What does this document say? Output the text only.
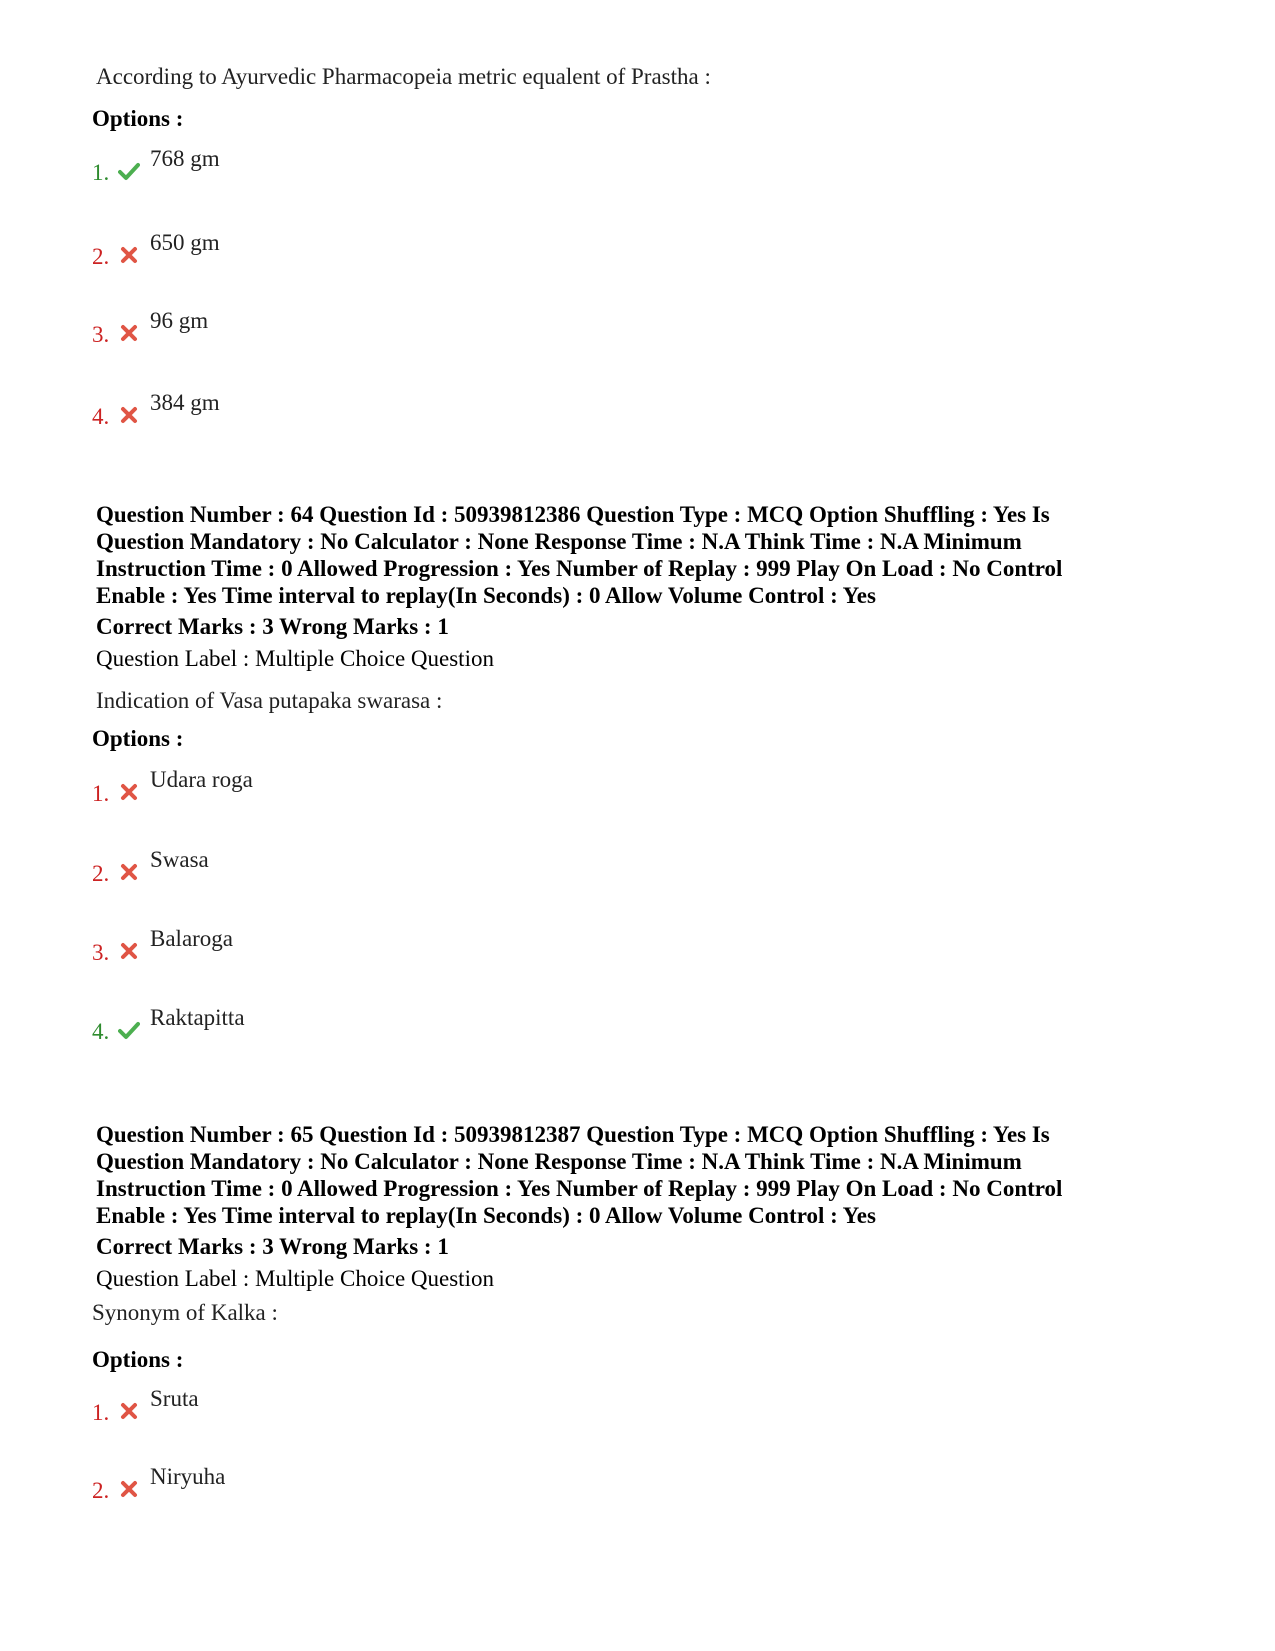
According to Ayurvedic Pharmacopeia metric equalent of Prastha :
Options :
1.
768 gm
2.
650 gm
3.
96 gm
4.
384 gm
Question Number : 64 Question Id : 50939812386 Question Type : MCQ Option Shuffling : Yes Is
Question Mandatory : No Calculator : None Response Time : N.A Think Time : N.A Minimum
Instruction Time : 0 Allowed Progression : Yes Number of Replay : 999 Play On Load : No Control
Enable : Yes Time interval to replay(In Seconds) : 0 Allow Volume Control : Yes
Correct Marks : 3 Wrong Marks : 1
Question Label : Multiple Choice Question
Indication of Vasa putapaka swarasa :
Options :
1.
Udara roga
2.
Swasa
3.
Balaroga
4.
Raktapitta
Question Number : 65 Question Id : 50939812387 Question Type : MCQ Option Shuffling : Yes Is
Question Mandatory : No Calculator : None Response Time : N.A Think Time : N.A Minimum
Instruction Time : 0 Allowed Progression : Yes Number of Replay : 999 Play On Load : No Control
Enable : Yes Time interval to replay(In Seconds) : 0 Allow Volume Control : Yes
Correct Marks : 3 Wrong Marks : 1
Question Label : Multiple Choice Question
Synonym of Kalka :
Options :
1.
Sruta
2.
Niryuha
